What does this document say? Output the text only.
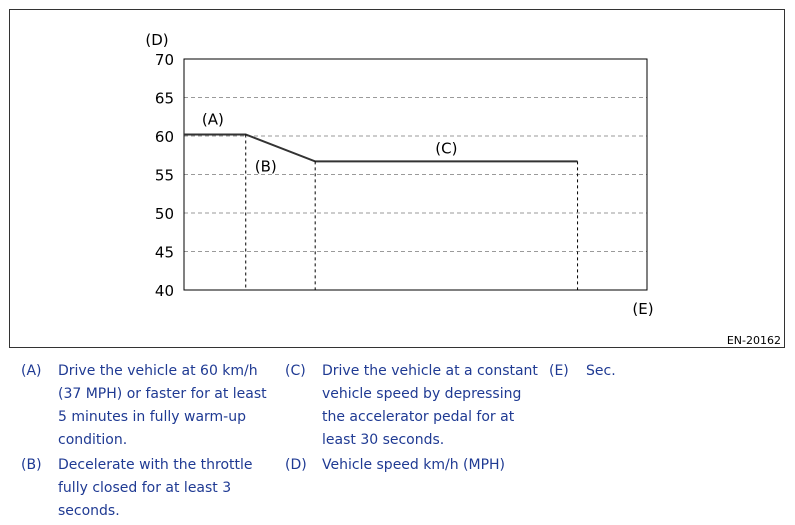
70
65
60
55
50
45
40
(D)
(E)
(A)
(B)
(C)
EN-20162
(A) Drive the vehicle at 60 km/h
(37 MPH) or faster for at least
5 minutes in fully warm-up
condition.
(B) Decelerate with the throttle
fully closed for at least 3
seconds.
(C) Drive the vehicle at a constant
vehicle speed by depressing
the accelerator pedal for at
least 30 seconds.
(D) Vehicle speed km/h (MPH)
(E) Sec.
